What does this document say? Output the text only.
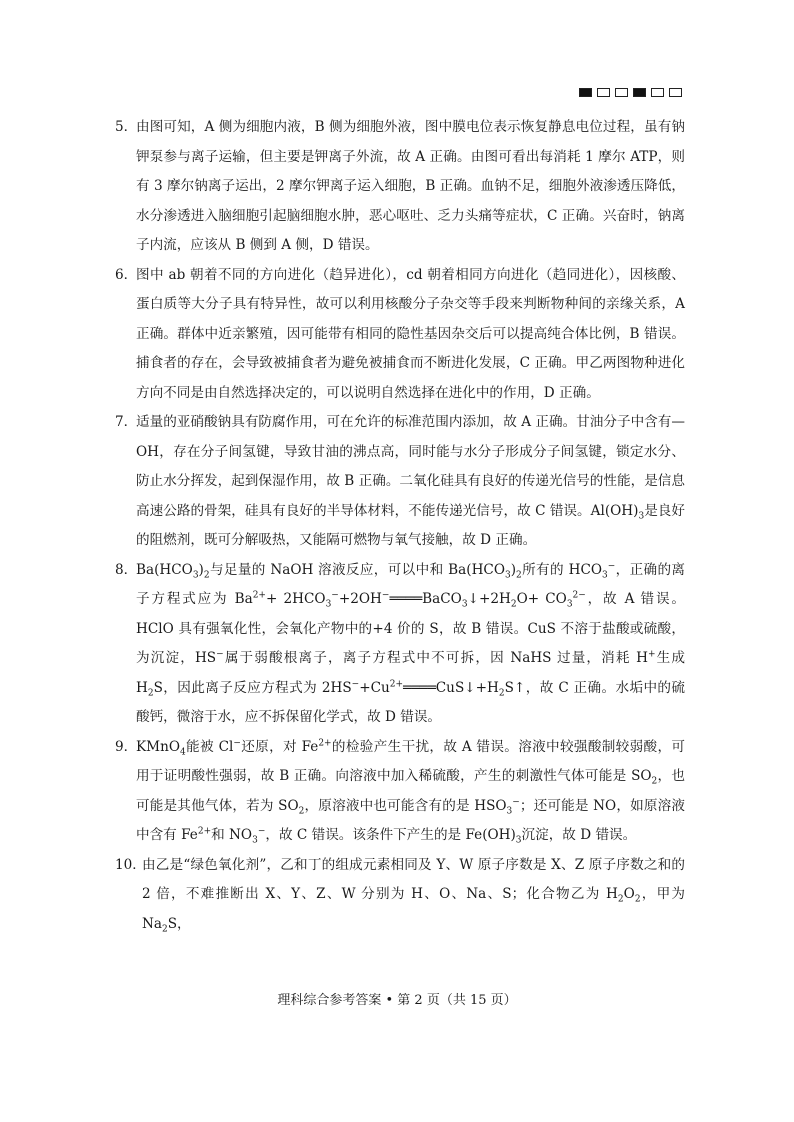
5．

由图可知，A 侧为细胞内液，B 侧为细胞外液，图中膜电位表示恢复静息电位过程，虽有钠钾泵参与离子运输，但主要是钾离子外流，故 A 正确。由图可看出每消耗 1 摩尔 ATP，则有 3 摩尔钠离子运出，2 摩尔钾离子运入细胞，B 正确。血钠不足，细胞外液渗透压降低，水分渗透进入脑细胞引起脑细胞水肿，恶心呕吐、乏力头痛等症状，C 正确。兴奋时，钠离子内流，应该从 B 侧到 A 侧，D 错误。

6．

图中 ab 朝着不同的方向进化（趋异进化），cd 朝着相同方向进化（趋同进化），因核酸、蛋白质等大分子具有特异性，故可以利用核酸分子杂交等手段来判断物种间的亲缘关系，A 正确。群体中近亲繁殖，因可能带有相同的隐性基因杂交后可以提高纯合体比例，B 错误。捕食者的存在，会导致被捕食者为避免被捕食而不断进化发展，C 正确。甲乙两图物种进化方向不同是由自然选择决定的，可以说明自然选择在进化中的作用，D 正确。

7．

适量的亚硝酸钠具有防腐作用，可在允许的标准范围内添加，故 A 正确。甘油分子中含有—OH，存在分子间氢键，导致甘油的沸点高，同时能与水分子形成分子间氢键，锁定水分、防止水分挥发，起到保湿作用，故 B 正确。二氧化硅具有良好的传递光信号的性能，是信息高速公路的骨架，硅具有良好的半导体材料，不能传递光信号，故 C 错误。$Al(OH)_3$是良好的阻燃剂，既可分解吸热，又能隔可燃物与氧气接触，故 D 正确。

8．

$Ba(HCO_3)_2$与足量的 NaOH 溶液反应，可以中和 $Ba(HCO_3)_2$所有的 $HCO_3^-$，正确的离子方程式应为 $Ba^{2+}+$ $2HCO_3^-+2OH^-════BaCO_3↓+2H_2O+ CO_3^{2-}$，故 A 错误。HClO 具有强氧化性，会氧化产物中的+4 价的 S，故 B 错误。CuS 不溶于盐酸或硫酸，为沉淀，HS−属于弱酸根离子，离子方程式中不可拆，因 NaHS 过量，消耗 H+生成 $H_2S$，因此离子反应方程式为 $2HS^-+Cu^{2+}════CuS↓+H_2S↑$，故 C 正确。水垢中的硫酸钙，微溶于水，应不拆保留化学式，故 D 错误。

9．

KMnO$_4$能被 Cl−还原，对 $Fe^{2+}$的检验产生干扰，故 A 错误。溶液中较强酸制较弱酸，可用于证明酸性强弱，故 B 正确。向溶液中加入稀硫酸，产生的刺激性气体可能是 $SO_2$，也可能是其他气体，若为 $SO_2$，原溶液中也可能含有的是 $HSO_3^-$；还可能是 NO，如原溶液中含有 $Fe^{2+}$和 $NO_3^-$，故 C 错误。该条件下产生的是 $Fe(OH)_3$沉淀，故 D 错误。

10．

由乙是“绿色氧化剂”，乙和丁的组成元素相同及 Y、W 原子序数是 X、Z 原子序数之和的 2 倍，不难推断出 X、Y、Z、W 分别为 H、O、Na、S；化合物乙为 $H_2O_2$，甲为 $Na_2S$，

理科综合参考答案 • 第 2 页（共 15 页）
